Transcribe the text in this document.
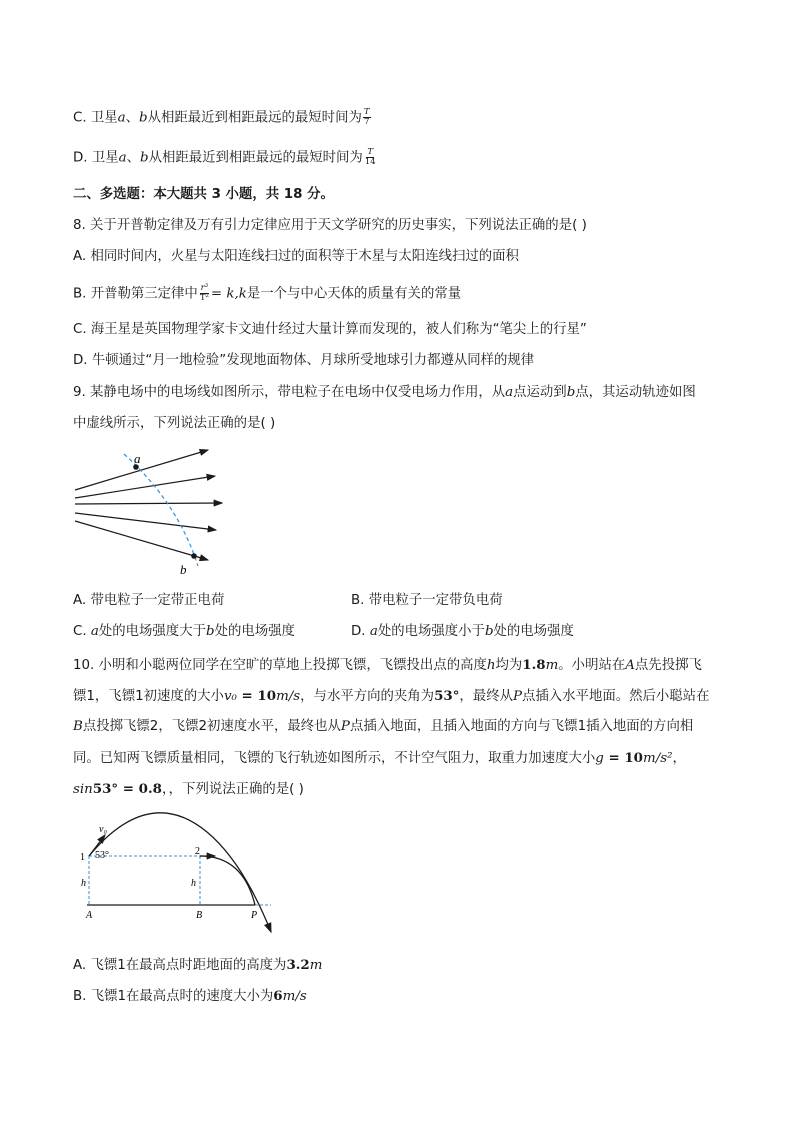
C. 卫星a、b从相距最近到相距最远的最短时间为 $\frac{T}{7}$
D. 卫星a、b从相距最近到相距最远的最短时间为 $\frac{T}{14}$
二、多选题：本大题共 3 小题，共 18 分。
8. 关于开普勒定律及万有引力定律应用于天文学研究的历史事实，下列说法正确的是( )
A. 相同时间内，火星与太阳连线扫过的面积等于木星与太阳连线扫过的面积
B. 开普勒第三定律中 $\frac{\text{r³}}{\text{T²}} = k,k$是一个与中心天体的质量有关的常量
C. 海王星是英国物理学家卡文迪什经过大量计算而发现的，被人们称为“笔尖上的行星”
D. 牛顿通过“月一地检验”发现地面物体、月球所受地球引力都遵从同样的规律
9. 某静电场中的电场线如图所示，带电粒子在电场中仅受电场力作用，从a点运动到b点，其运动轨迹如图
中虚线所示，下列说法正确的是( )
a
b
A. 带电粒子一定带正电荷	B. 带电粒子一定带负电荷
C. a处的电场强度大于b处的电场强度	D. a处的电场强度小于b处的电场强度
10. 小明和小聪两位同学在空旷的草地上投掷飞镖，飞镖投出点的高度h均为1.8m。小明站在A点先投掷飞
镖1，飞镖1初速度的大小v₀ = 10m/s，与水平方向的夹角为53°，最终从P点插入水平地面。然后小聪站在
B点投掷飞镖2，飞镖2初速度水平，最终也从P点插入地面，且插入地面的方向与飞镖1插入地面的方向相
同。已知两飞镖质量相同，飞镖的飞行轨迹如图所示，不计空气阻力，取重力加速度大小g = 10m/s²，
sin53° = 0.8，，下列说法正确的是( )
v₀
53°
1
2
h	h
A	B	P
A. 飞镖1在最高点时距地面的高度为3.2m
B. 飞镖1在最高点时的速度大小为6m/s
